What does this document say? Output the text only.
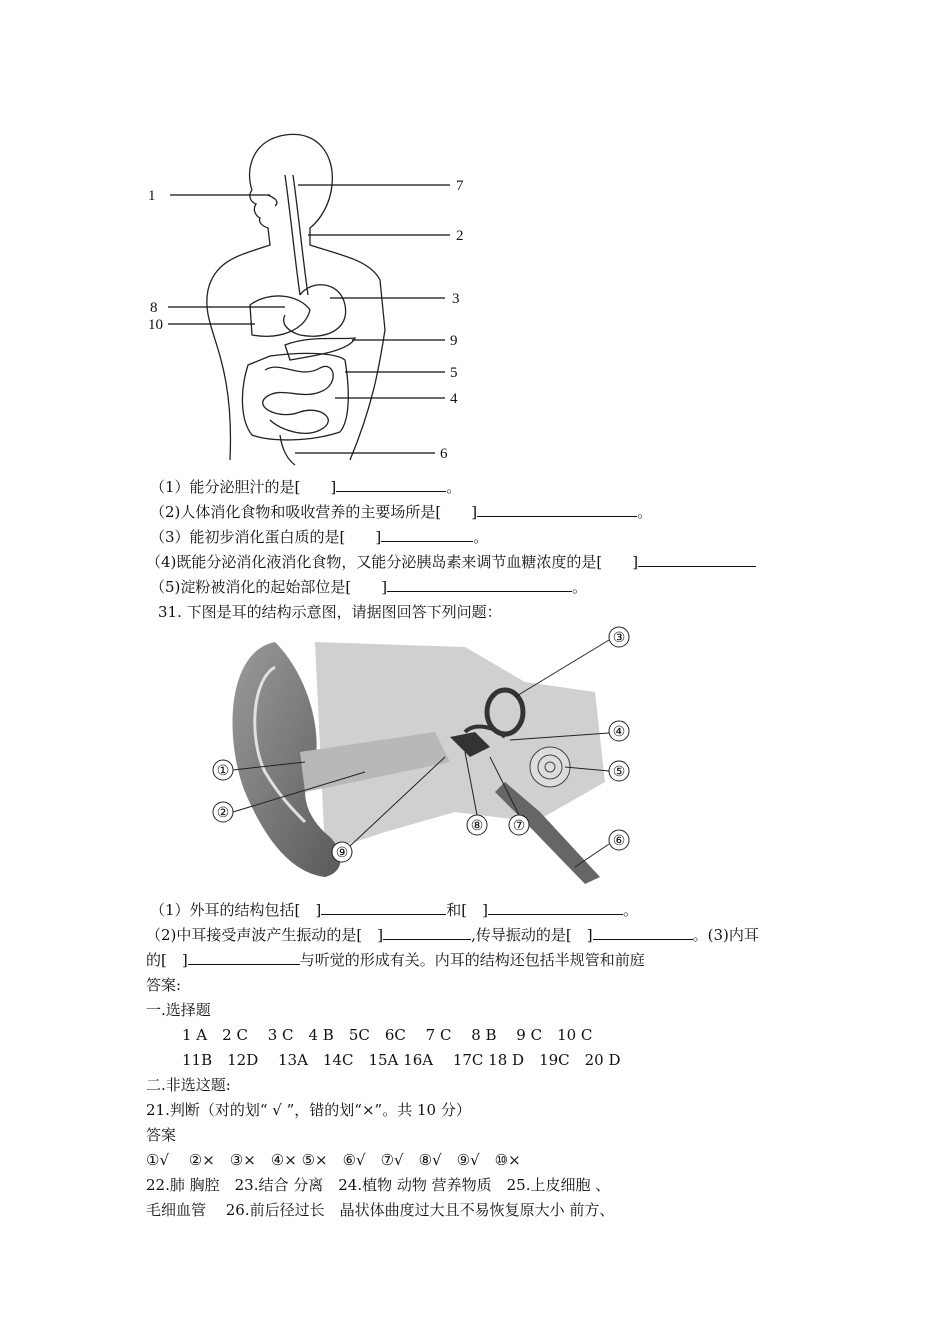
1
7
2
3
8
10
9
5
4
6
（1）能分泌胆汁的是[　　]	。
（2)人体消化食物和吸收营养的主要场所是[　　]	。
（3）能初步消化蛋白质的是[　　]	。
（4)既能分泌消化液消化食物，又能分泌胰岛素来调节血糖浓度的是[　　]
（5)淀粉被消化的起始部位是[　　]	。
31. 下图是耳的结构示意图，请据图回答下列问题：
③
④
⑤
⑥
①
②
⑨
⑧ ⑦
（1）外耳的结构包括[　]	和[　]	。
（2)中耳接受声波产生振动的是[　]	,传导振动的是[　]	。(3)内耳
的[　]	与听觉的形成有关。内耳的结构还包括半规管和前庭
答案:
一.选择题
1 A　2 C　 3 C　4 B　5C　6C　 7 C　 8 B　 9 C　10 C
11B　12D　 13A　14C　15A 16A　 17C 18 D　19C　20 D
二.非选这题:
21.判断（对的划“ √ ”，错的划“×”。共 10 分）
答案
①√　 ②×　③×　④× ⑤×　⑥√　⑦√　⑧√　⑨√　⑩×
22.肺 胸腔　23.结合 分离　24.植物 动物 营养物质　25.上皮细胞 、
毛细血管　 26.前后径过长　晶状体曲度过大且不易恢复原大小 前方、
